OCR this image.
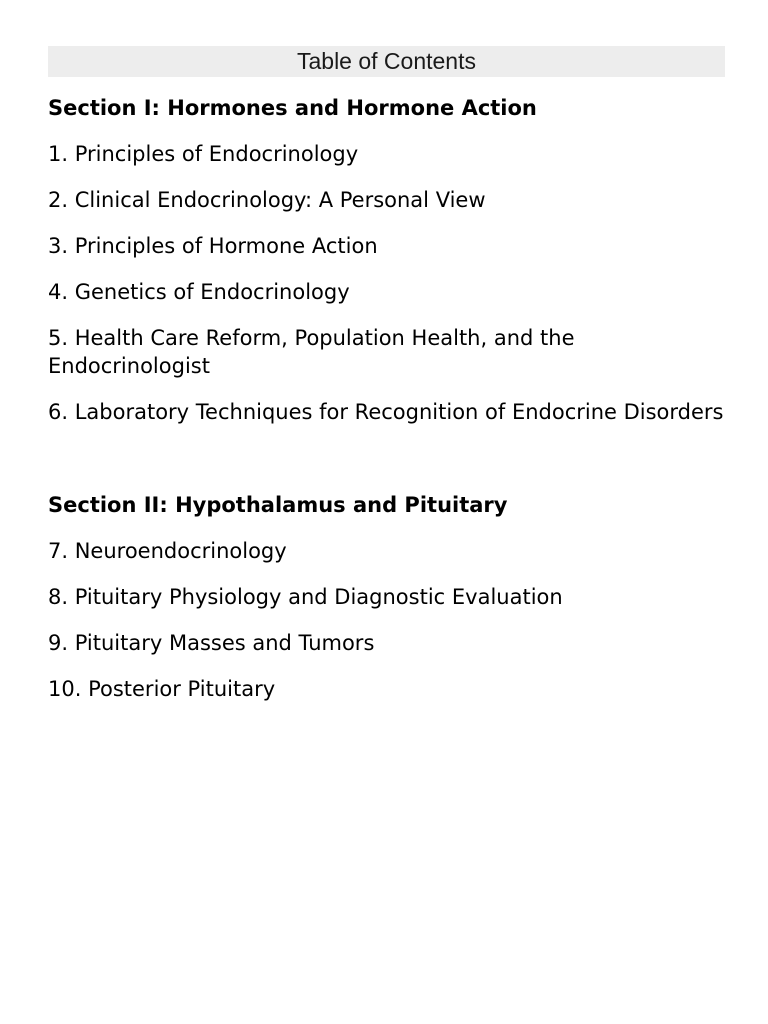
Table of Contents
Section I: Hormones and Hormone Action
1. Principles of Endocrinology
2. Clinical Endocrinology: A Personal View
3. Principles of Hormone Action
4. Genetics of Endocrinology
5. Health Care Reform, Population Health, and the Endocrinologist
6. Laboratory Techniques for Recognition of Endocrine Disorders
Section II: Hypothalamus and Pituitary
7. Neuroendocrinology
8. Pituitary Physiology and Diagnostic Evaluation
9. Pituitary Masses and Tumors
10. Posterior Pituitary
